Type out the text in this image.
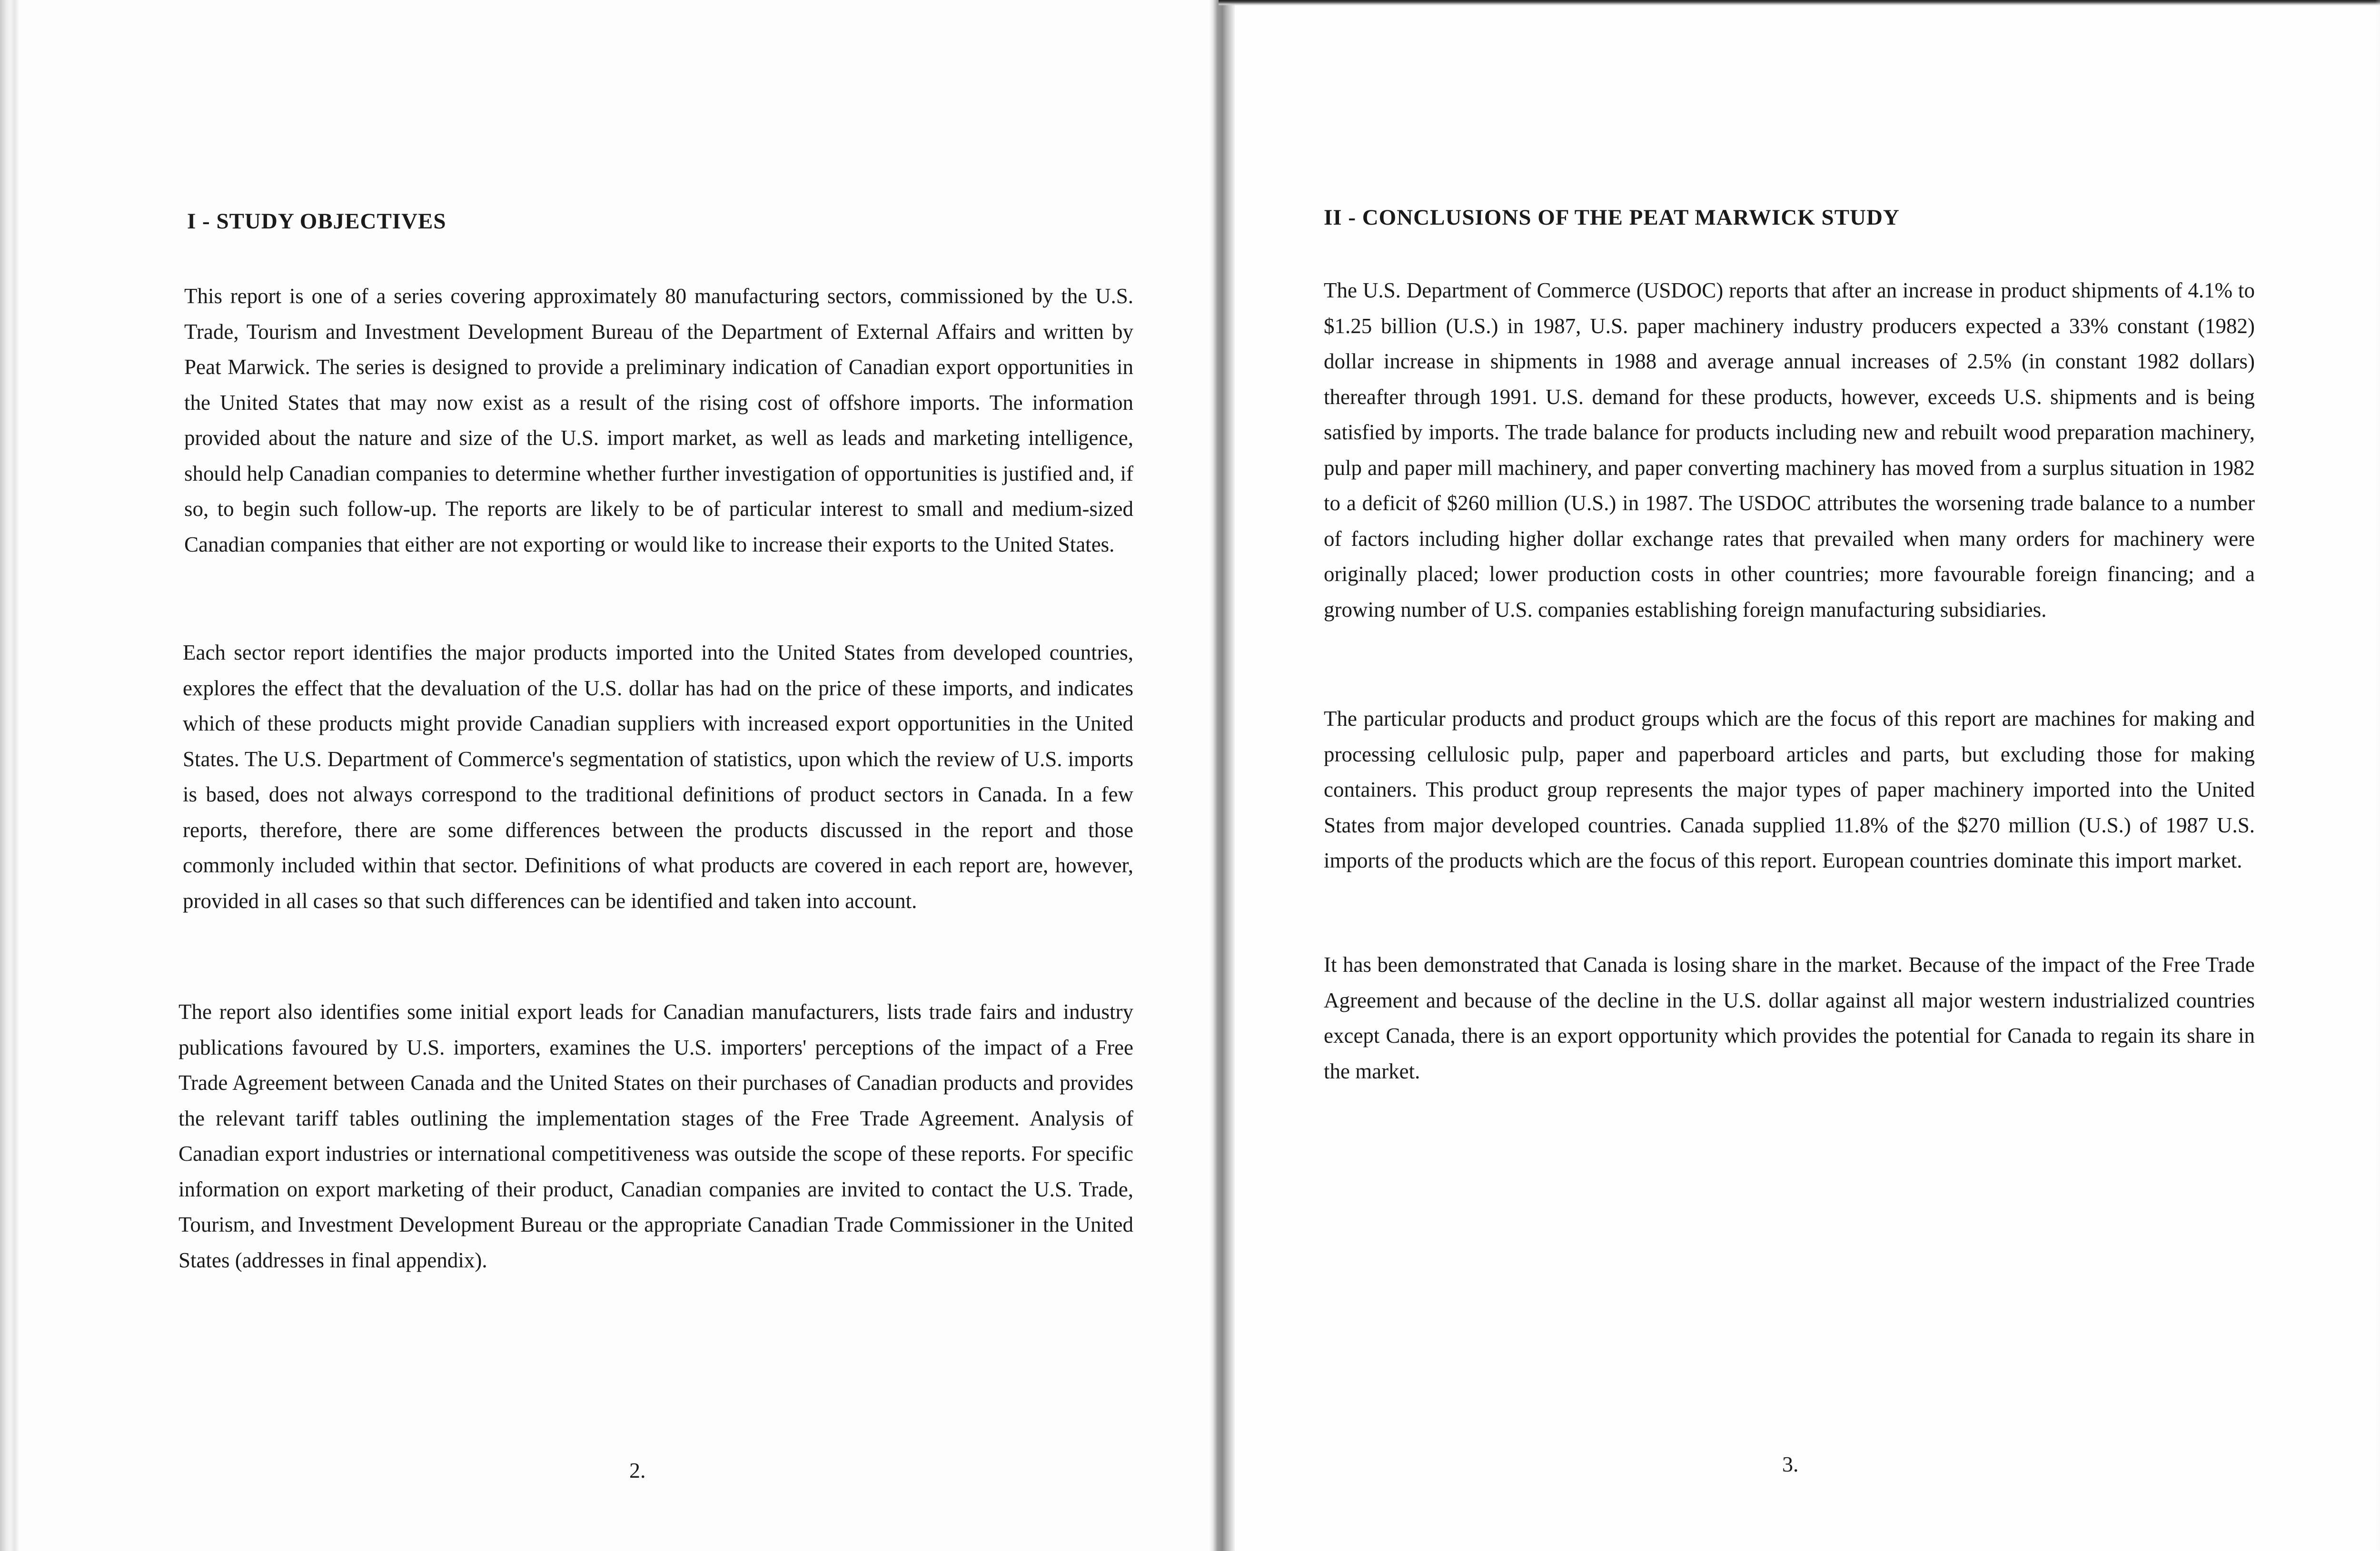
I - STUDY OBJECTIVES
This report is one of a series covering approximately 80 manufacturing sectors, commissioned by the U.S. Trade, Tourism and Investment Development Bureau of the Department of External Affairs and written by Peat Marwick. The series is designed to provide a preliminary indication of Canadian export opportunities in the United States that may now exist as a result of the rising cost of offshore imports. The information provided about the nature and size of the U.S. import market, as well as leads and marketing intelligence, should help Canadian companies to determine whether further investigation of opportunities is justified and, if so, to begin such follow-up. The reports are likely to be of particular interest to small and medium-sized Canadian companies that either are not exporting or would like to increase their exports to the United States.
Each sector report identifies the major products imported into the United States from developed countries, explores the effect that the devaluation of the U.S. dollar has had on the price of these imports, and indicates which of these products might provide Canadian suppliers with increased export opportunities in the United States. The U.S. Department of Commerce's segmentation of statistics, upon which the review of U.S. imports is based, does not always correspond to the traditional definitions of product sectors in Canada. In a few reports, therefore, there are some differences between the products discussed in the report and those commonly included within that sector. Definitions of what products are covered in each report are, however, provided in all cases so that such differences can be identified and taken into account.
The report also identifies some initial export leads for Canadian manufacturers, lists trade fairs and industry publications favoured by U.S. importers, examines the U.S. importers' perceptions of the impact of a Free Trade Agreement between Canada and the United States on their purchases of Canadian products and provides the relevant tariff tables outlining the implementation stages of the Free Trade Agreement. Analysis of Canadian export industries or international competitiveness was outside the scope of these reports. For specific information on export marketing of their product, Canadian companies are invited to contact the U.S. Trade, Tourism, and Investment Development Bureau or the appropriate Canadian Trade Commissioner in the United States (addresses in final appendix).
2.
II - CONCLUSIONS OF THE PEAT MARWICK STUDY
The U.S. Department of Commerce (USDOC) reports that after an increase in product shipments of 4.1% to $1.25 billion (U.S.) in 1987, U.S. paper machinery industry producers expected a 33% constant (1982) dollar increase in shipments in 1988 and average annual increases of 2.5% (in constant 1982 dollars) thereafter through 1991. U.S. demand for these products, however, exceeds U.S. shipments and is being satisfied by imports. The trade balance for products including new and rebuilt wood preparation machinery, pulp and paper mill machinery, and paper converting machinery has moved from a surplus situation in 1982 to a deficit of $260 million (U.S.) in 1987. The USDOC attributes the worsening trade balance to a number of factors including higher dollar exchange rates that prevailed when many orders for machinery were originally placed; lower production costs in other countries; more favourable foreign financing; and a growing number of U.S. companies establishing foreign manufacturing subsidiaries.
The particular products and product groups which are the focus of this report are machines for making and processing cellulosic pulp, paper and paperboard articles and parts, but excluding those for making containers. This product group represents the major types of paper machinery imported into the United States from major developed countries. Canada supplied 11.8% of the $270 million (U.S.) of 1987 U.S. imports of the products which are the focus of this report. European countries dominate this import market.
It has been demonstrated that Canada is losing share in the market. Because of the impact of the Free Trade Agreement and because of the decline in the U.S. dollar against all major western industrialized countries except Canada, there is an export opportunity which provides the potential for Canada to regain its share in the market.
3.
